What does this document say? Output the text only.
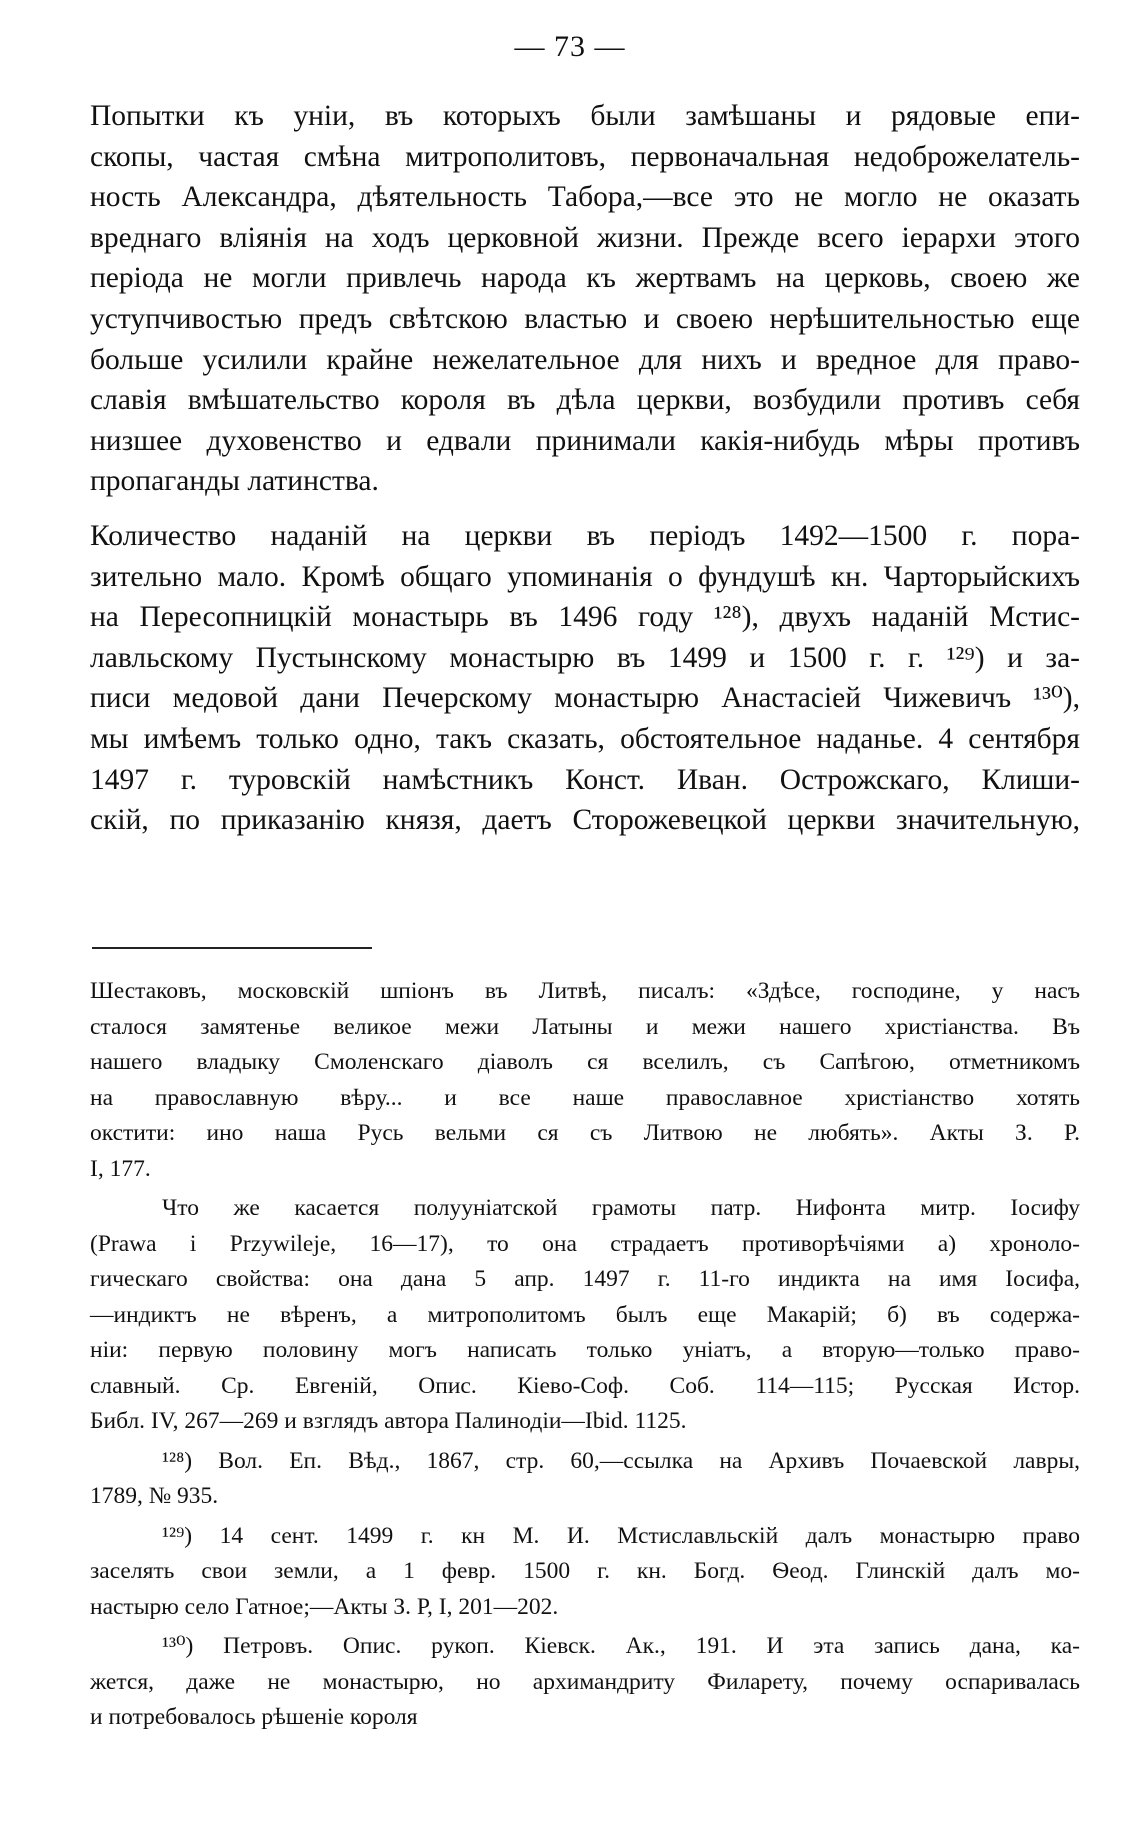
— 73 —
Попытки къ уніи, въ которыхъ были замѣшаны и рядовые епи-
скопы, частая смѣна митрополитовъ, первоначальная недоброжелатель-
ность Александра, дѣятельность Табора,—все это не могло не оказать
вреднаго вліянія на ходъ церковной жизни. Прежде всего іерархи этого
періода не могли привлечь народа къ жертвамъ на церковь, своею же
уступчивостью предъ свѣтскою властью и своею нерѣшительностью еще
больше усилили крайне нежелательное для нихъ и вредное для право-
славія вмѣшательство короля въ дѣла церкви, возбудили противъ себя
низшее духовенство и едвали принимали какія-нибудь мѣры противъ
пропаганды латинства.
Количество наданій на церкви въ періодъ 1492—1500 г. пора-
зительно мало. Кромѣ общаго упоминанія о фундушѣ кн. Чарторыйскихъ
на Пересопницкій монастырь въ 1496 году ¹²⁸), двухъ наданій Мстис-
лавльскому Пустынскому монастырю въ 1499 и 1500 г. г. ¹²⁹) и за-
писи медовой дани Печерскому монастырю Анастасіей Чижевичъ ¹³⁰),
мы имѣемъ только одно, такъ сказать, обстоятельное наданье. 4 сентября
1497 г. туровскій намѣстникъ Конст. Иван. Острожскаго, Клиши-
скій, по приказанію князя, даетъ Сторожевецкой церкви значительную,
Шестаковъ, московскій шпіонъ въ Литвѣ, писалъ: «Здѣсе, господине, у насъ
сталося замятенье великое межи Латыны и межи нашего христіанства. Въ
нашего владыку Смоленскаго діаволъ ся вселилъ, съ Сапѣгою, отметникомъ
на православную вѣру... и все наше православное христіанство хотять
окстити: ино наша Русь вельми ся съ Литвою не любять». Акты З. Р.
I, 177.
Что же касается полууніатской грамоты патр. Нифонта митр. Іосифу
(Prawa i Przywileje, 16—17), то она страдаетъ противорѣчіями а) хроноло-
гическаго свойства: она дана 5 апр. 1497 г. 11-го индикта на имя Іосифа,
—индиктъ не вѣренъ, а митрополитомъ былъ еще Макарій; б) въ содержа-
ніи: первую половину могъ написать только уніатъ, а вторую—только право-
славный. Ср. Евгеній, Опис. Кіево-Соф. Соб. 114—115; Русская Истор.
Библ. IV, 267—269 и взглядъ автора Палинодіи—Ibid. 1125.
¹²⁸) Вол. Еп. Вѣд., 1867, стр. 60,—ссылка на Архивъ Почаевской лавры,
1789, № 935.
¹²⁹) 14 сент. 1499 г. кн М. И. Мстиславльскій далъ монастырю право
заселять свои земли, а 1 февр. 1500 г. кн. Богд. Ѳеод. Глинскій далъ мо-
настырю село Гатное;—Акты З. Р, I, 201—202.
¹³⁰) Петровъ. Опис. рукоп. Кіевск. Ак., 191. И эта запись дана, ка-
жется, даже не монастырю, но архимандриту Филарету, почему оспаривалась
и потребовалось рѣшеніе короля
